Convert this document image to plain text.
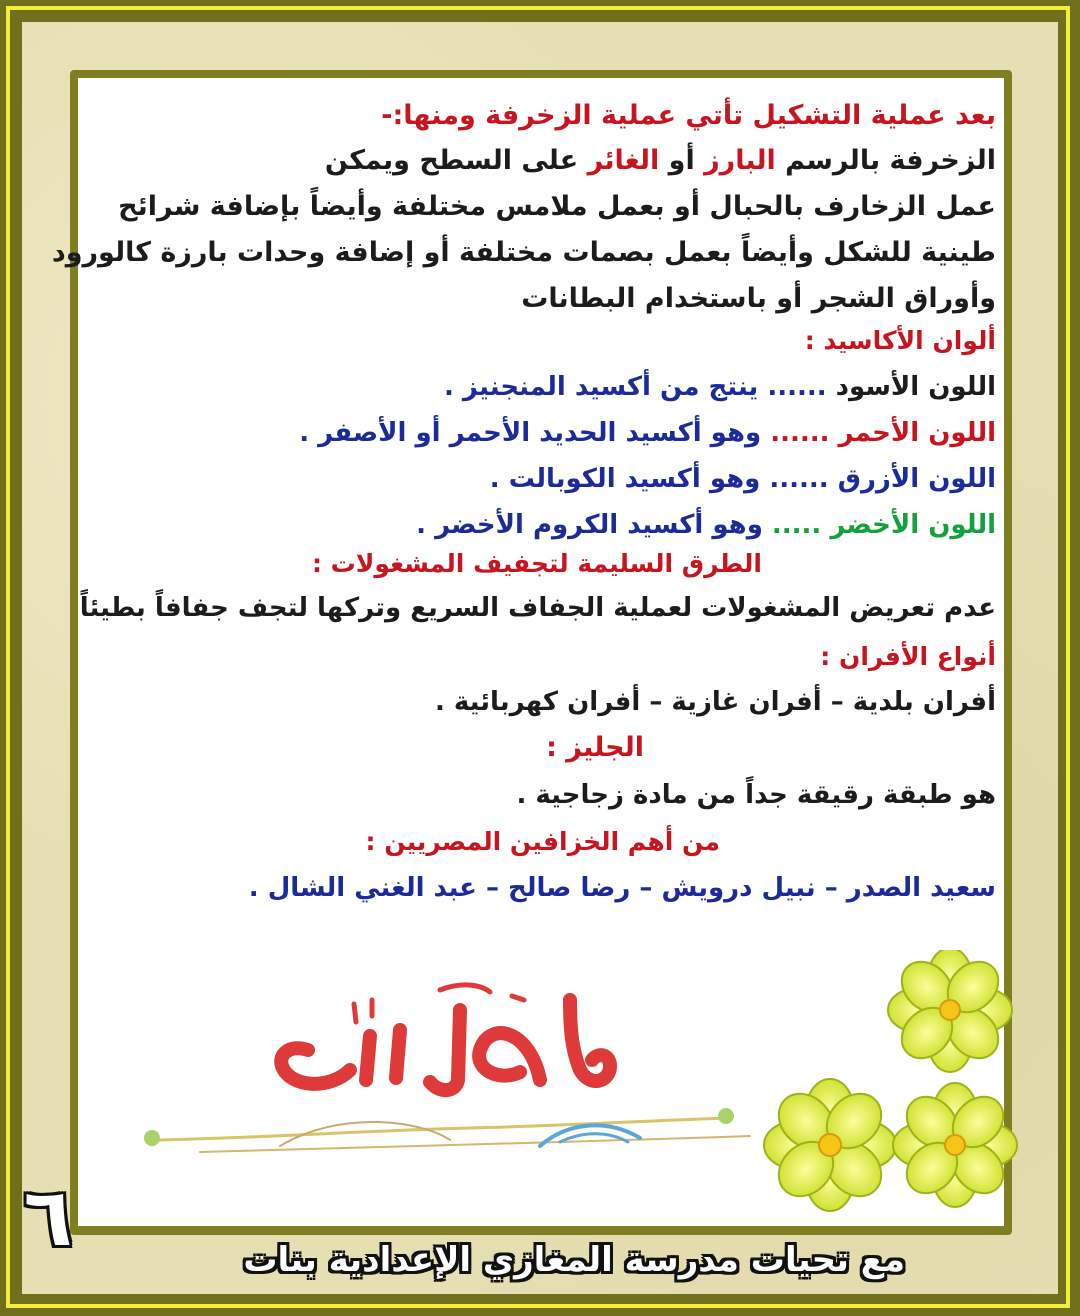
بعد عملية التشكيل تأتي عملية الزخرفة ومنها:-
الزخرفة بالرسم البارز أو الغائر على السطح ويمكن
عمل الزخارف بالحبال أو بعمل ملامس مختلفة وأيضاً بإضافة شرائح
طينية للشكل وأيضاً بعمل بصمات مختلفة أو إضافة وحدات بارزة كالورود
وأوراق الشجر أو باستخدام البطانات
ألوان الأكاسيد :
اللون الأسود ...... ينتج من أكسيد المنجنيز .
اللون الأحمر ...... وهو أكسيد الحديد الأحمر أو الأصفر .
اللون الأزرق ...... وهو أكسيد الكوبالت .
اللون الأخضر ..... وهو أكسيد الكروم الأخضر .
الطرق السليمة لتجفيف المشغولات :
عدم تعريض المشغولات لعملية الجفاف السريع وتركها لتجف جفافاً بطيئاً
أنواع الأفران :
أفران بلدية – أفران غازية – أفران كهربائية .
الجليز :
هو طبقة رقيقة جداً من مادة زجاجية .
من أهم الخزافين المصريين :
سعيد الصدر – نبيل درويش – رضا صالح – عبد الغني الشال .
٦	مع تحيات مدرسة المغازي الإعدادية بنات
